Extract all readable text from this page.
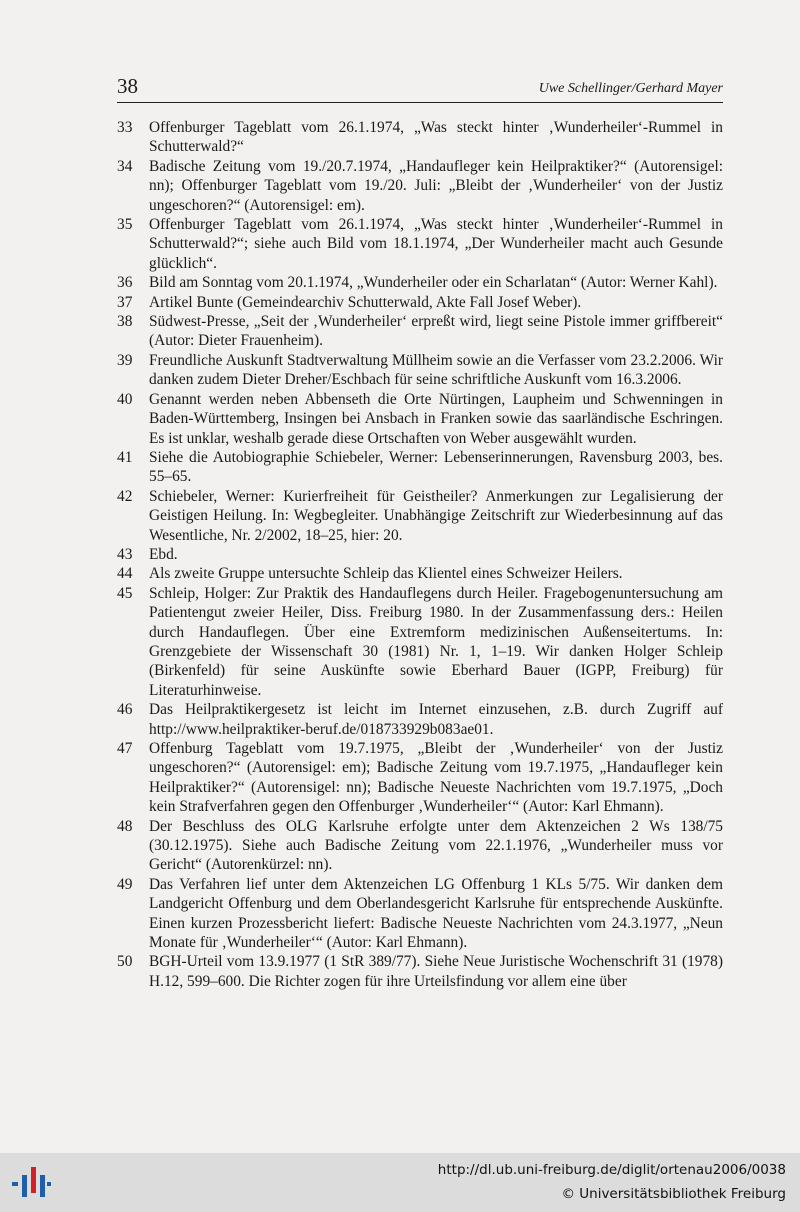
38	Uwe Schellinger/Gerhard Mayer
33	Offenburger Tageblatt vom 26.1.1974, „Was steckt hinter ‚Wunderheiler‘-Rummel in Schutterwald?“
34	Badische Zeitung vom 19./20.7.1974, „Handaufleger kein Heilpraktiker?“ (Autorensigel: nn); Offenburger Tageblatt vom 19./20. Juli: „Bleibt der ‚Wunderheiler‘ von der Justiz ungeschoren?“ (Autorensigel: em).
35	Offenburger Tageblatt vom 26.1.1974, „Was steckt hinter ‚Wunderheiler‘-Rummel in Schutterwald?“; siehe auch Bild vom 18.1.1974, „Der Wunderheiler macht auch Gesunde glücklich“.
36	Bild am Sonntag vom 20.1.1974, „Wunderheiler oder ein Scharlatan“ (Autor: Werner Kahl).
37	Artikel Bunte (Gemeindearchiv Schutterwald, Akte Fall Josef Weber).
38	Südwest-Presse, „Seit der ‚Wunderheiler‘ erpreßt wird, liegt seine Pistole immer griffbereit“ (Autor: Dieter Frauenheim).
39	Freundliche Auskunft Stadtverwaltung Müllheim sowie an die Verfasser vom 23.2.2006. Wir danken zudem Dieter Dreher/Eschbach für seine schriftliche Auskunft vom 16.3.2006.
40	Genannt werden neben Abbenseth die Orte Nürtingen, Laupheim und Schwenningen in Baden-Württemberg, Insingen bei Ansbach in Franken sowie das saarländische Eschringen. Es ist unklar, weshalb gerade diese Ortschaften von Weber ausgewählt wurden.
41	Siehe die Autobiographie Schiebeler, Werner: Lebenserinnerungen, Ravensburg 2003, bes. 55–65.
42	Schiebeler, Werner: Kurierfreiheit für Geistheiler? Anmerkungen zur Legalisierung der Geistigen Heilung. In: Wegbegleiter. Unabhängige Zeitschrift zur Wiederbesinnung auf das Wesentliche, Nr. 2/2002, 18–25, hier: 20.
43	Ebd.
44	Als zweite Gruppe untersuchte Schleip das Klientel eines Schweizer Heilers.
45	Schleip, Holger: Zur Praktik des Handauflegens durch Heiler. Fragebogenuntersuchung am Patientengut zweier Heiler, Diss. Freiburg 1980. In der Zusammenfassung ders.: Heilen durch Handauflegen. Über eine Extremform medizinischen Außenseitertums. In: Grenzgebiete der Wissenschaft 30 (1981) Nr. 1, 1–19. Wir danken Holger Schleip (Birkenfeld) für seine Auskünfte sowie Eberhard Bauer (IGPP, Freiburg) für Literaturhinweise.
46	Das Heilpraktikergesetz ist leicht im Internet einzusehen, z.B. durch Zugriff auf http://www.heilpraktiker-beruf.de/018733929b083ae01.
47	Offenburg Tageblatt vom 19.7.1975, „Bleibt der ‚Wunderheiler‘ von der Justiz ungeschoren?“ (Autorensigel: em); Badische Zeitung vom 19.7.1975, „Handaufleger kein Heilpraktiker?“ (Autorensigel: nn); Badische Neueste Nachrichten vom 19.7.1975, „Doch kein Strafverfahren gegen den Offenburger ‚Wunderheiler‘“ (Autor: Karl Ehmann).
48	Der Beschluss des OLG Karlsruhe erfolgte unter dem Aktenzeichen 2 Ws 138/75 (30.12.1975). Siehe auch Badische Zeitung vom 22.1.1976, „Wunderheiler muss vor Gericht“ (Autorenkürzel: nn).
49	Das Verfahren lief unter dem Aktenzeichen LG Offenburg 1 KLs 5/75. Wir danken dem Landgericht Offenburg und dem Oberlandesgericht Karlsruhe für entsprechende Auskünfte. Einen kurzen Prozessbericht liefert: Badische Neueste Nachrichten vom 24.3.1977, „Neun Monate für ‚Wunderheiler‘“ (Autor: Karl Ehmann).
50	BGH-Urteil vom 13.9.1977 (1 StR 389/77). Siehe Neue Juristische Wochenschrift 31 (1978) H.12, 599–600. Die Richter zogen für ihre Urteilsfindung vor allem eine über
http://dl.ub.uni-freiburg.de/diglit/ortenau2006/0038
© Universitätsbibliothek Freiburg
